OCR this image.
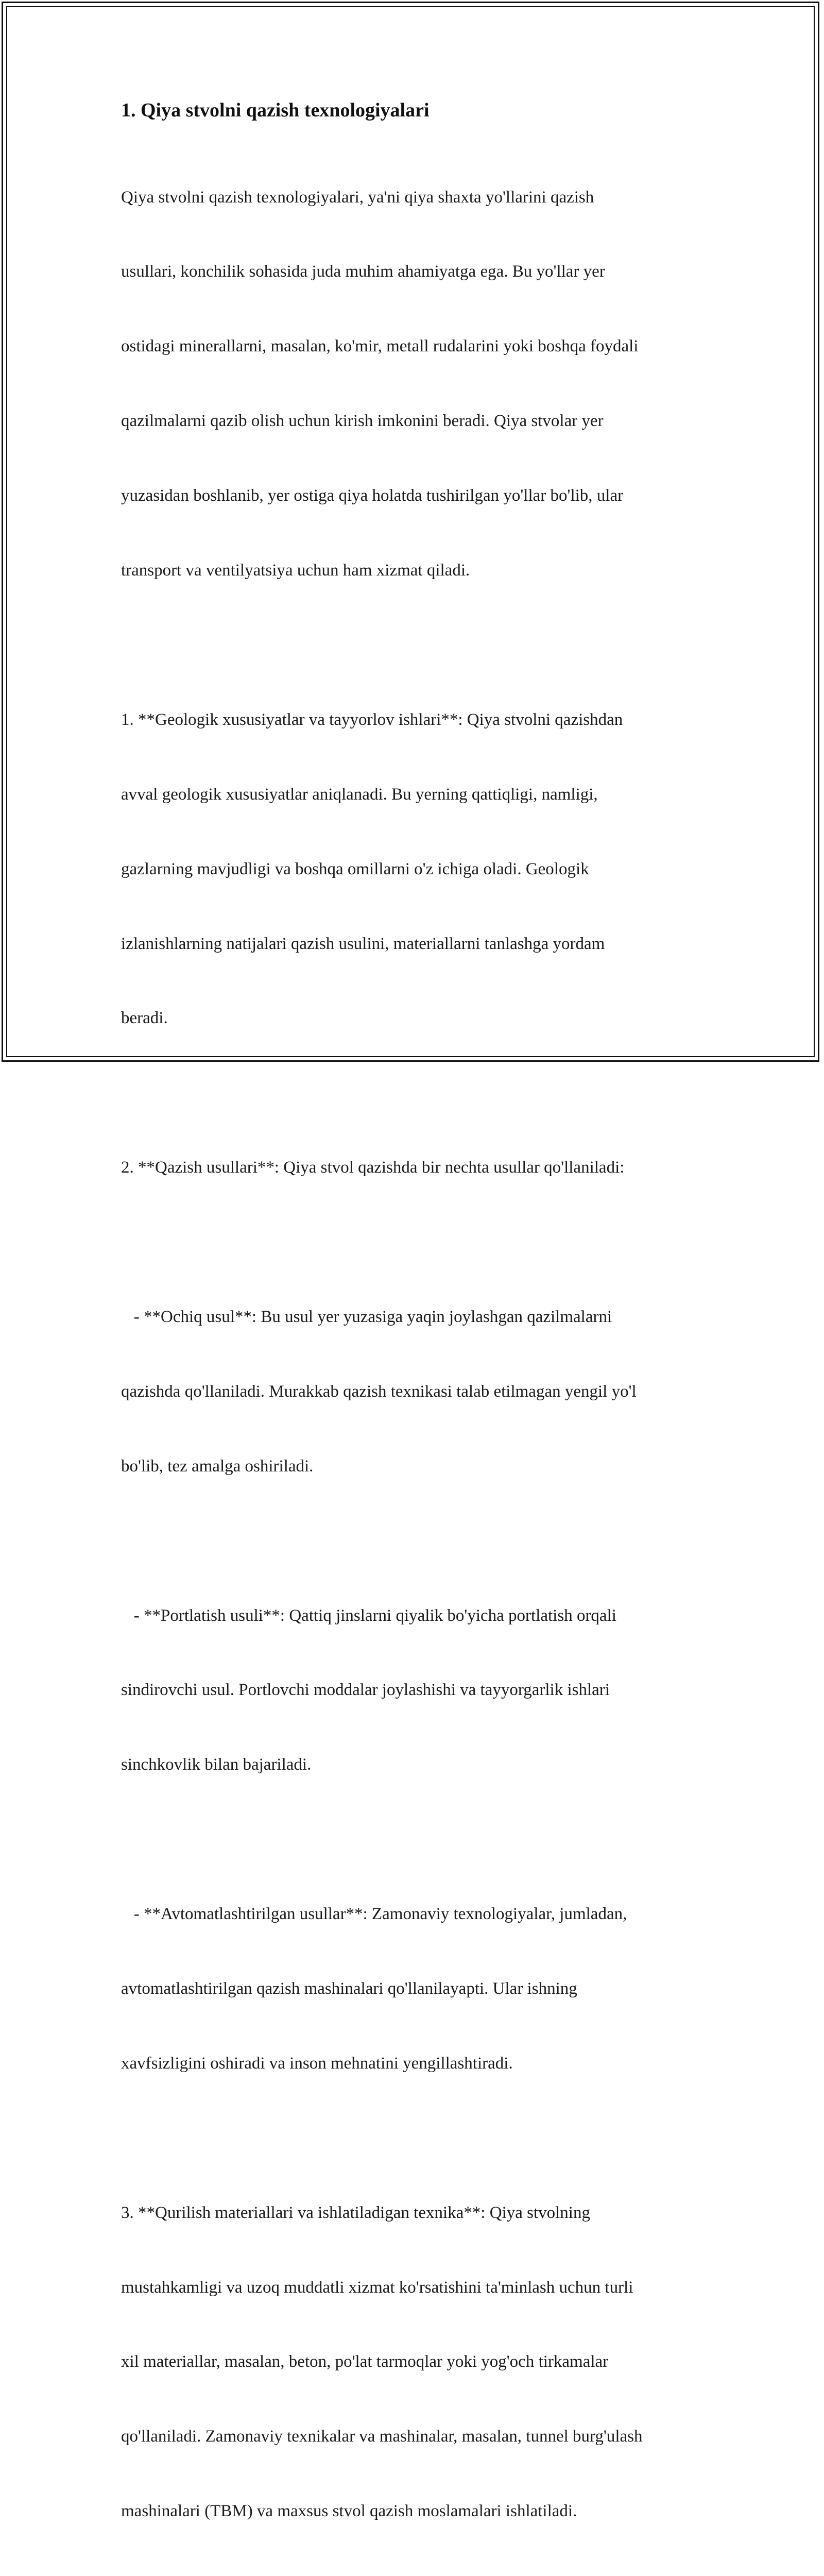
1. Qiya stvolni qazish texnologiyalari

Qiya stvolni qazish texnologiyalari, ya'ni qiya shaxta yo'llarini qazish

usullari, konchilik sohasida juda muhim ahamiyatga ega. Bu yo'llar yer

ostidagi minerallarni, masalan, ko'mir, metall rudalarini yoki boshqa foydali

qazilmalarni qazib olish uchun kirish imkonini beradi. Qiya stvolar yer

yuzasidan boshlanib, yer ostiga qiya holatda tushirilgan yo'llar bo'lib, ular

transport va ventilyatsiya uchun ham xizmat qiladi.

1. **Geologik xususiyatlar va tayyorlov ishlari**: Qiya stvolni qazishdan

avval geologik xususiyatlar aniqlanadi. Bu yerning qattiqligi, namligi,

gazlarning mavjudligi va boshqa omillarni o'z ichiga oladi. Geologik

izlanishlarning natijalari qazish usulini, materiallarni tanlashga yordam

beradi.

2. **Qazish usullari**: Qiya stvol qazishda bir nechta usullar qo'llaniladi:

- **Ochiq usul**: Bu usul yer yuzasiga yaqin joylashgan qazilmalarni

qazishda qo'llaniladi. Murakkab qazish texnikasi talab etilmagan yengil yo'l

bo'lib, tez amalga oshiriladi.

- **Portlatish usuli**: Qattiq jinslarni qiyalik bo'yicha portlatish orqali

sindirovchi usul. Portlovchi moddalar joylashishi va tayyorgarlik ishlari

sinchkovlik bilan bajariladi.

- **Avtomatlashtirilgan usullar**: Zamonaviy texnologiyalar, jumladan,

avtomatlashtirilgan qazish mashinalari qo'llanilayapti. Ular ishning

xavfsizligini oshiradi va inson mehnatini yengillashtiradi.

3. **Qurilish materiallari va ishlatiladigan texnika**: Qiya stvolning

mustahkamligi va uzoq muddatli xizmat ko'rsatishini ta'minlash uchun turli

xil materiallar, masalan, beton, po'lat tarmoqlar yoki yog'och tirkamalar

qo'llaniladi. Zamonaviy texnikalar va mashinalar, masalan, tunnel burg'ulash

mashinalari (TBM) va maxsus stvol qazish moslamalari ishlatiladi.
